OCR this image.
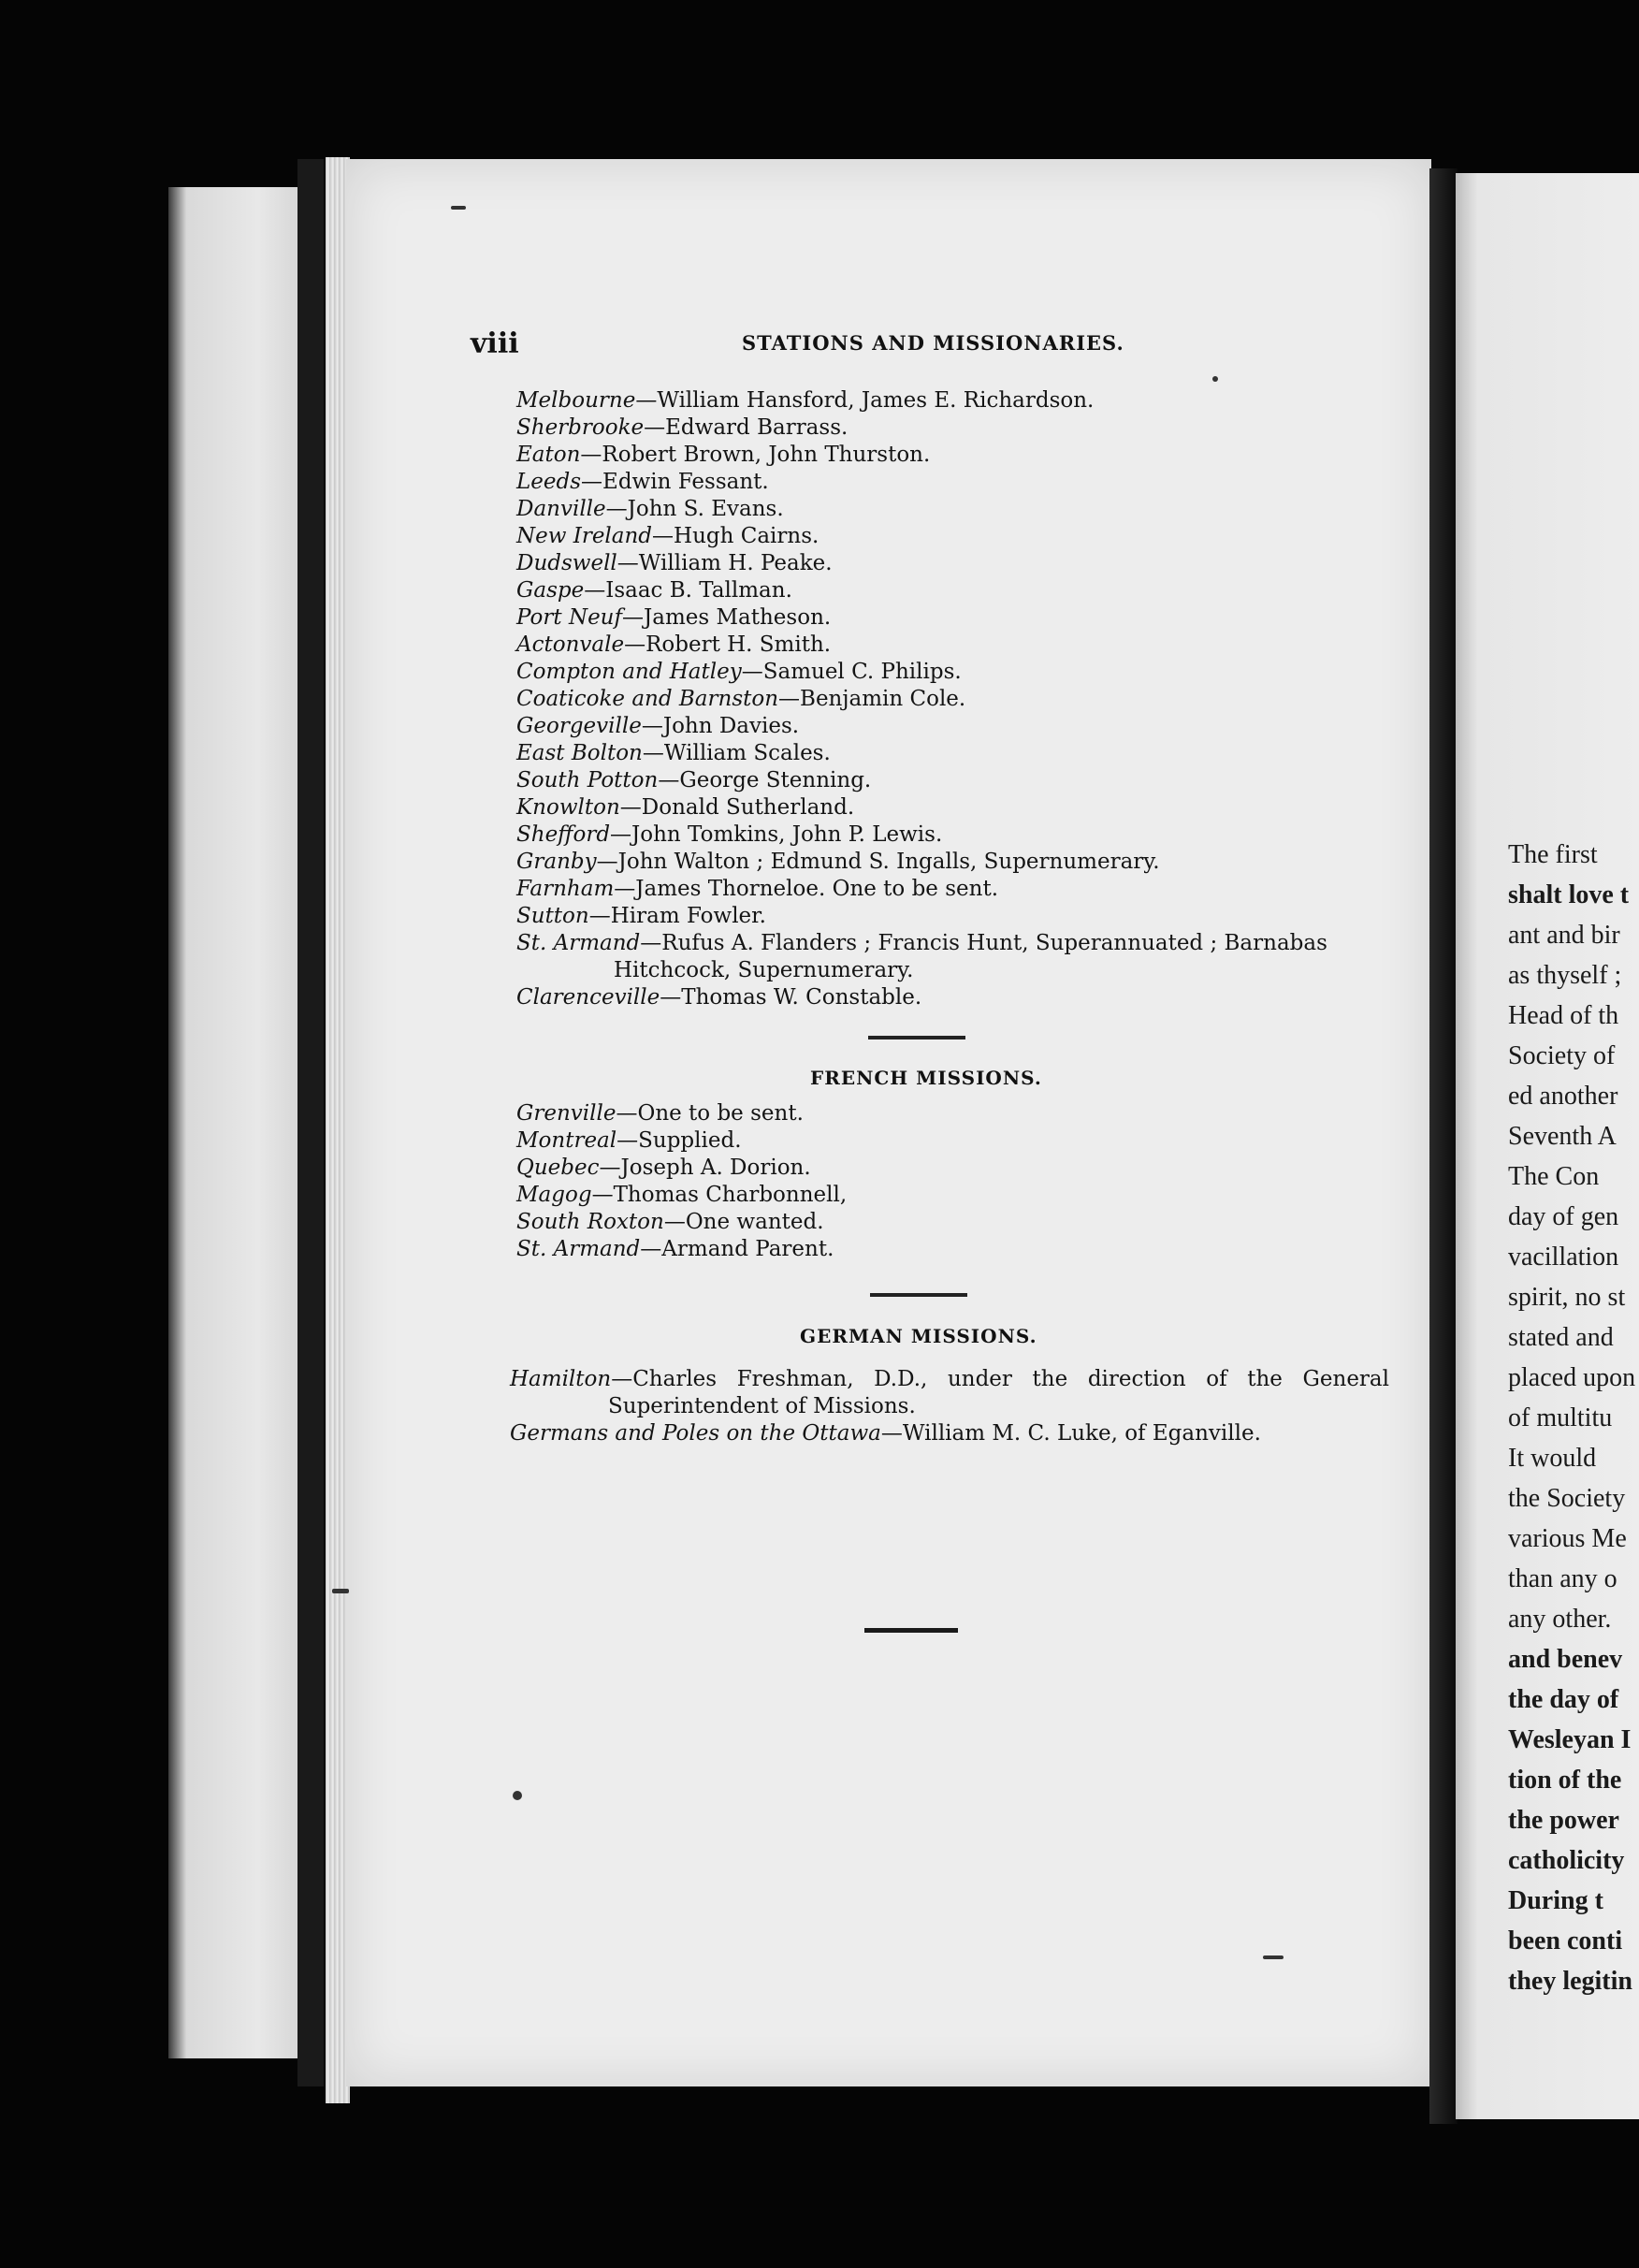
viii	STATIONS AND MISSIONARIES.
Melbourne—William Hansford, James E. Richardson.
Sherbrooke—Edward Barrass.
Eaton—Robert Brown, John Thurston.
Leeds—Edwin Fessant.
Danville—John S. Evans.
New Ireland—Hugh Cairns.
Dudswell—William H. Peake.
Gaspe—Isaac B. Tallman.
Port Neuf—James Matheson.
Actonvale—Robert H. Smith.
Compton and Hatley—Samuel C. Philips.
Coaticoke and Barnston—Benjamin Cole.
Georgeville—John Davies.
East Bolton—William Scales.
South Potton—George Stenning.
Knowlton—Donald Sutherland.
Shefford—John Tomkins, John P. Lewis.
Granby—John Walton ; Edmund S. Ingalls, Supernumerary.
Farnham—James Thorneloe. One to be sent.
Sutton—Hiram Fowler.
St. Armand—Rufus A. Flanders ; Francis Hunt, Superannuated ; Barnabas Hitchcock, Supernumerary.
Clarenceville—Thomas W. Constable.
FRENCH MISSIONS.
Grenville—One to be sent.
Montreal—Supplied.
Quebec—Joseph A. Dorion.
Magog—Thomas Charbonnell,
South Roxton—One wanted.
St. Armand—Armand Parent.
GERMAN MISSIONS.
Hamilton—Charles Freshman, D.D., under the direction of the General Superintendent of Missions.
Germans and Poles on the Ottawa—William M. C. Luke, of Eganville.

The first

shalt love t

ant and bir

as thyself ;

Head of th

Society of

ed another

Seventh A

The Con

day of gen

vacillation

spirit, no st

stated and

placed upon

of multitu

It would

the Society

various Me

than any o

any other.

and benev

the day of

Wesleyan I

tion of the

the power

catholicity

During t

been conti

they legitin
